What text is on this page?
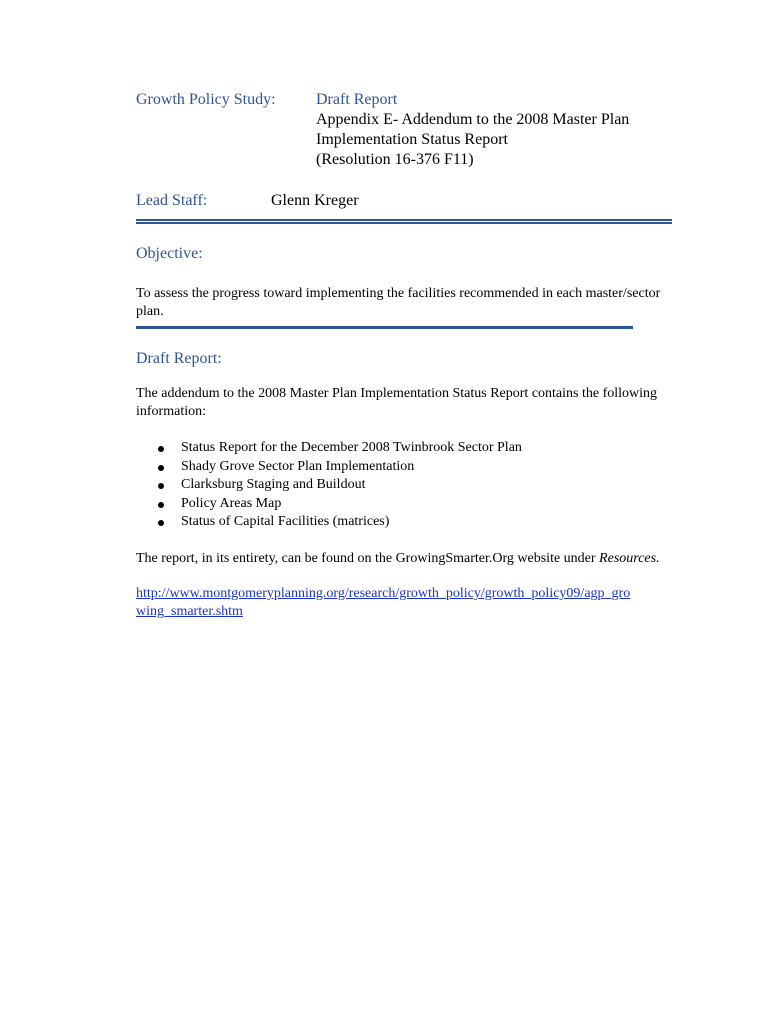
Growth Policy Study:	Draft Report
Appendix E- Addendum to the 2008 Master Plan
Implementation Status Report
(Resolution 16-376 F11)
Lead Staff:	Glenn Kreger
Objective:

To assess the progress toward implementing the facilities recommended in each master/sector plan.

Draft Report:

The addendum to the 2008 Master Plan Implementation Status Report contains the following information:

Status Report for the December 2008 Twinbrook Sector Plan
Shady Grove Sector Plan Implementation
Clarksburg Staging and Buildout
Policy Areas Map
Status of Capital Facilities (matrices)

The report, in its entirety, can be found on the GrowingSmarter.Org website under Resources.

http://www.montgomeryplanning.org/research/growth_policy/growth_policy09/agp_gro
wing_smarter.shtm
